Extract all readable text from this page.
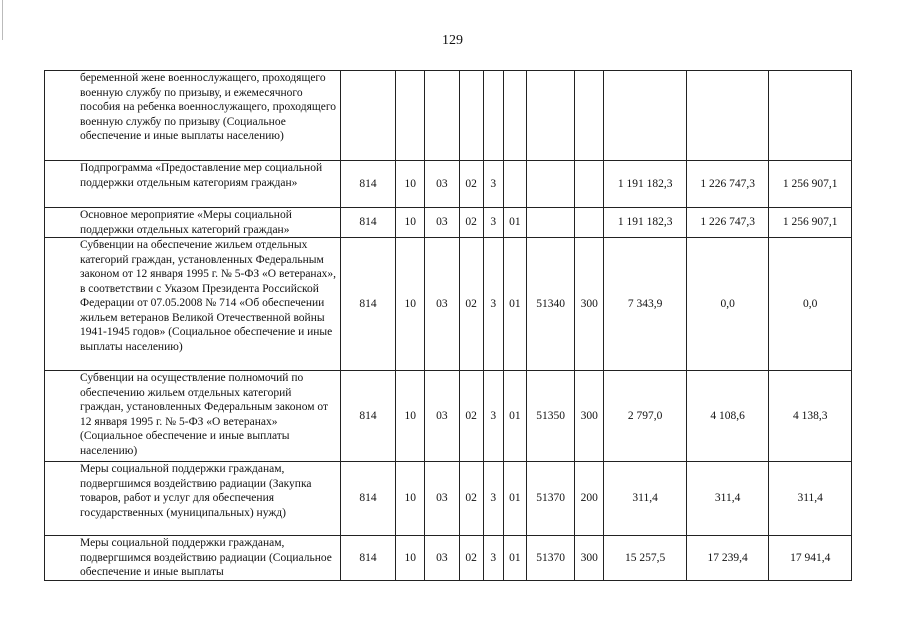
129
беременной жене военнослужащего, проходящего военную службу по призыву, и ежемесячного пособия на ребенка военнослужащего, проходящего военную службу по призыву (Социальное обеспечение и иные выплаты населению)											
Подпрограмма «Предоставление мер социальной поддержки отдельным категориям граждан»	814	10	03	02	3				1 191 182,3	1 226 747,3	1 256 907,1
Основное мероприятие «Меры социальной поддержки отдельных категорий граждан»	814	10	03	02	3	01			1 191 182,3	1 226 747,3	1 256 907,1
Субвенции на обеспечение жильем отдельных категорий граждан, установленных Федеральным законом от 12 января 1995 г. № 5-ФЗ «О ветеранах», в соответствии с Указом Президента Российской Федерации от 07.05.2008 № 714 «Об обеспечении жильем ветеранов Великой Отечественной войны 1941-1945 годов» (Социальное обеспечение и иные выплаты населению)	814	10	03	02	3	01	51340	300	7 343,9	0,0	0,0
Субвенции на осуществление полномочий по обеспечению жильем отдельных категорий граждан, установленных Федеральным законом от 12 января 1995 г. № 5-ФЗ «О ветеранах» (Социальное обеспечение и иные выплаты населению)	814	10	03	02	3	01	51350	300	2 797,0	4 108,6	4 138,3
Меры социальной поддержки гражданам, подвергшимся воздействию радиации (Закупка товаров, работ и услуг для обеспечения государственных (муниципальных) нужд)	814	10	03	02	3	01	51370	200	311,4	311,4	311,4
Меры социальной поддержки гражданам, подвергшимся воздействию радиации (Социальное обеспечение и иные выплаты	814	10	03	02	3	01	51370	300	15 257,5	17 239,4	17 941,4
